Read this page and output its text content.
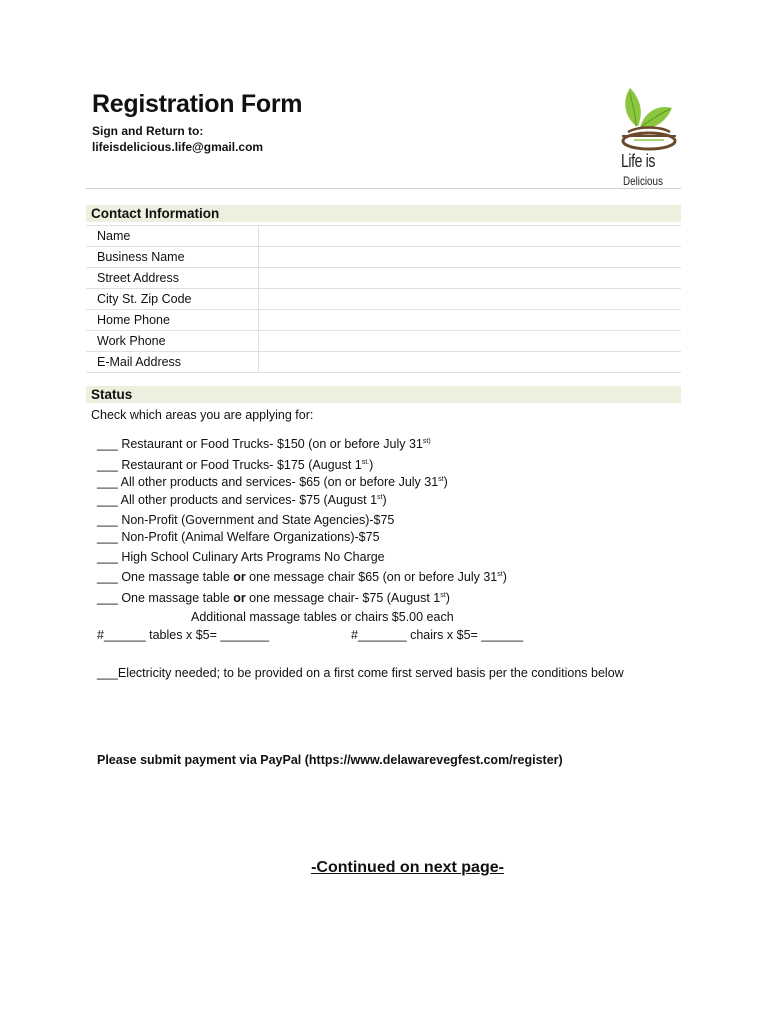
Registration Form
Sign and Return to:
lifeisdelicious.life@gmail.com
Life is
Delicious
Contact Information
Name	
Business Name	
Street Address	
City St. Zip Code	
Home Phone	
Work Phone	
E-Mail Address	
Status
Check which areas you are applying for:
___ Restaurant or Food Trucks- $150 (on or before July $31^{st)}$
___ Restaurant or Food Trucks- $175 (August $1^{st.}$)
___ All other products and services- $65 (on or before July 31st)
___ All other products and services- $75 (August 1st)
___ Non-Profit (Government and State Agencies)-$75
___ Non-Profit (Animal Welfare Organizations)-$75
___ High School Culinary Arts Programs No Charge
___ One massage table or one message chair $65 (on or before July 31st)
___ One massage table or one message chair- $75 (August 1st)
Additional massage tables or chairs $5.00 each
#______ tables x $5= _______	#_______ chairs x $5= ______
___Electricity needed; to be provided on a first come first served basis per the conditions below
Please submit payment via PayPal (https://www.delawarevegfest.com/register)
-Continued on next page-
